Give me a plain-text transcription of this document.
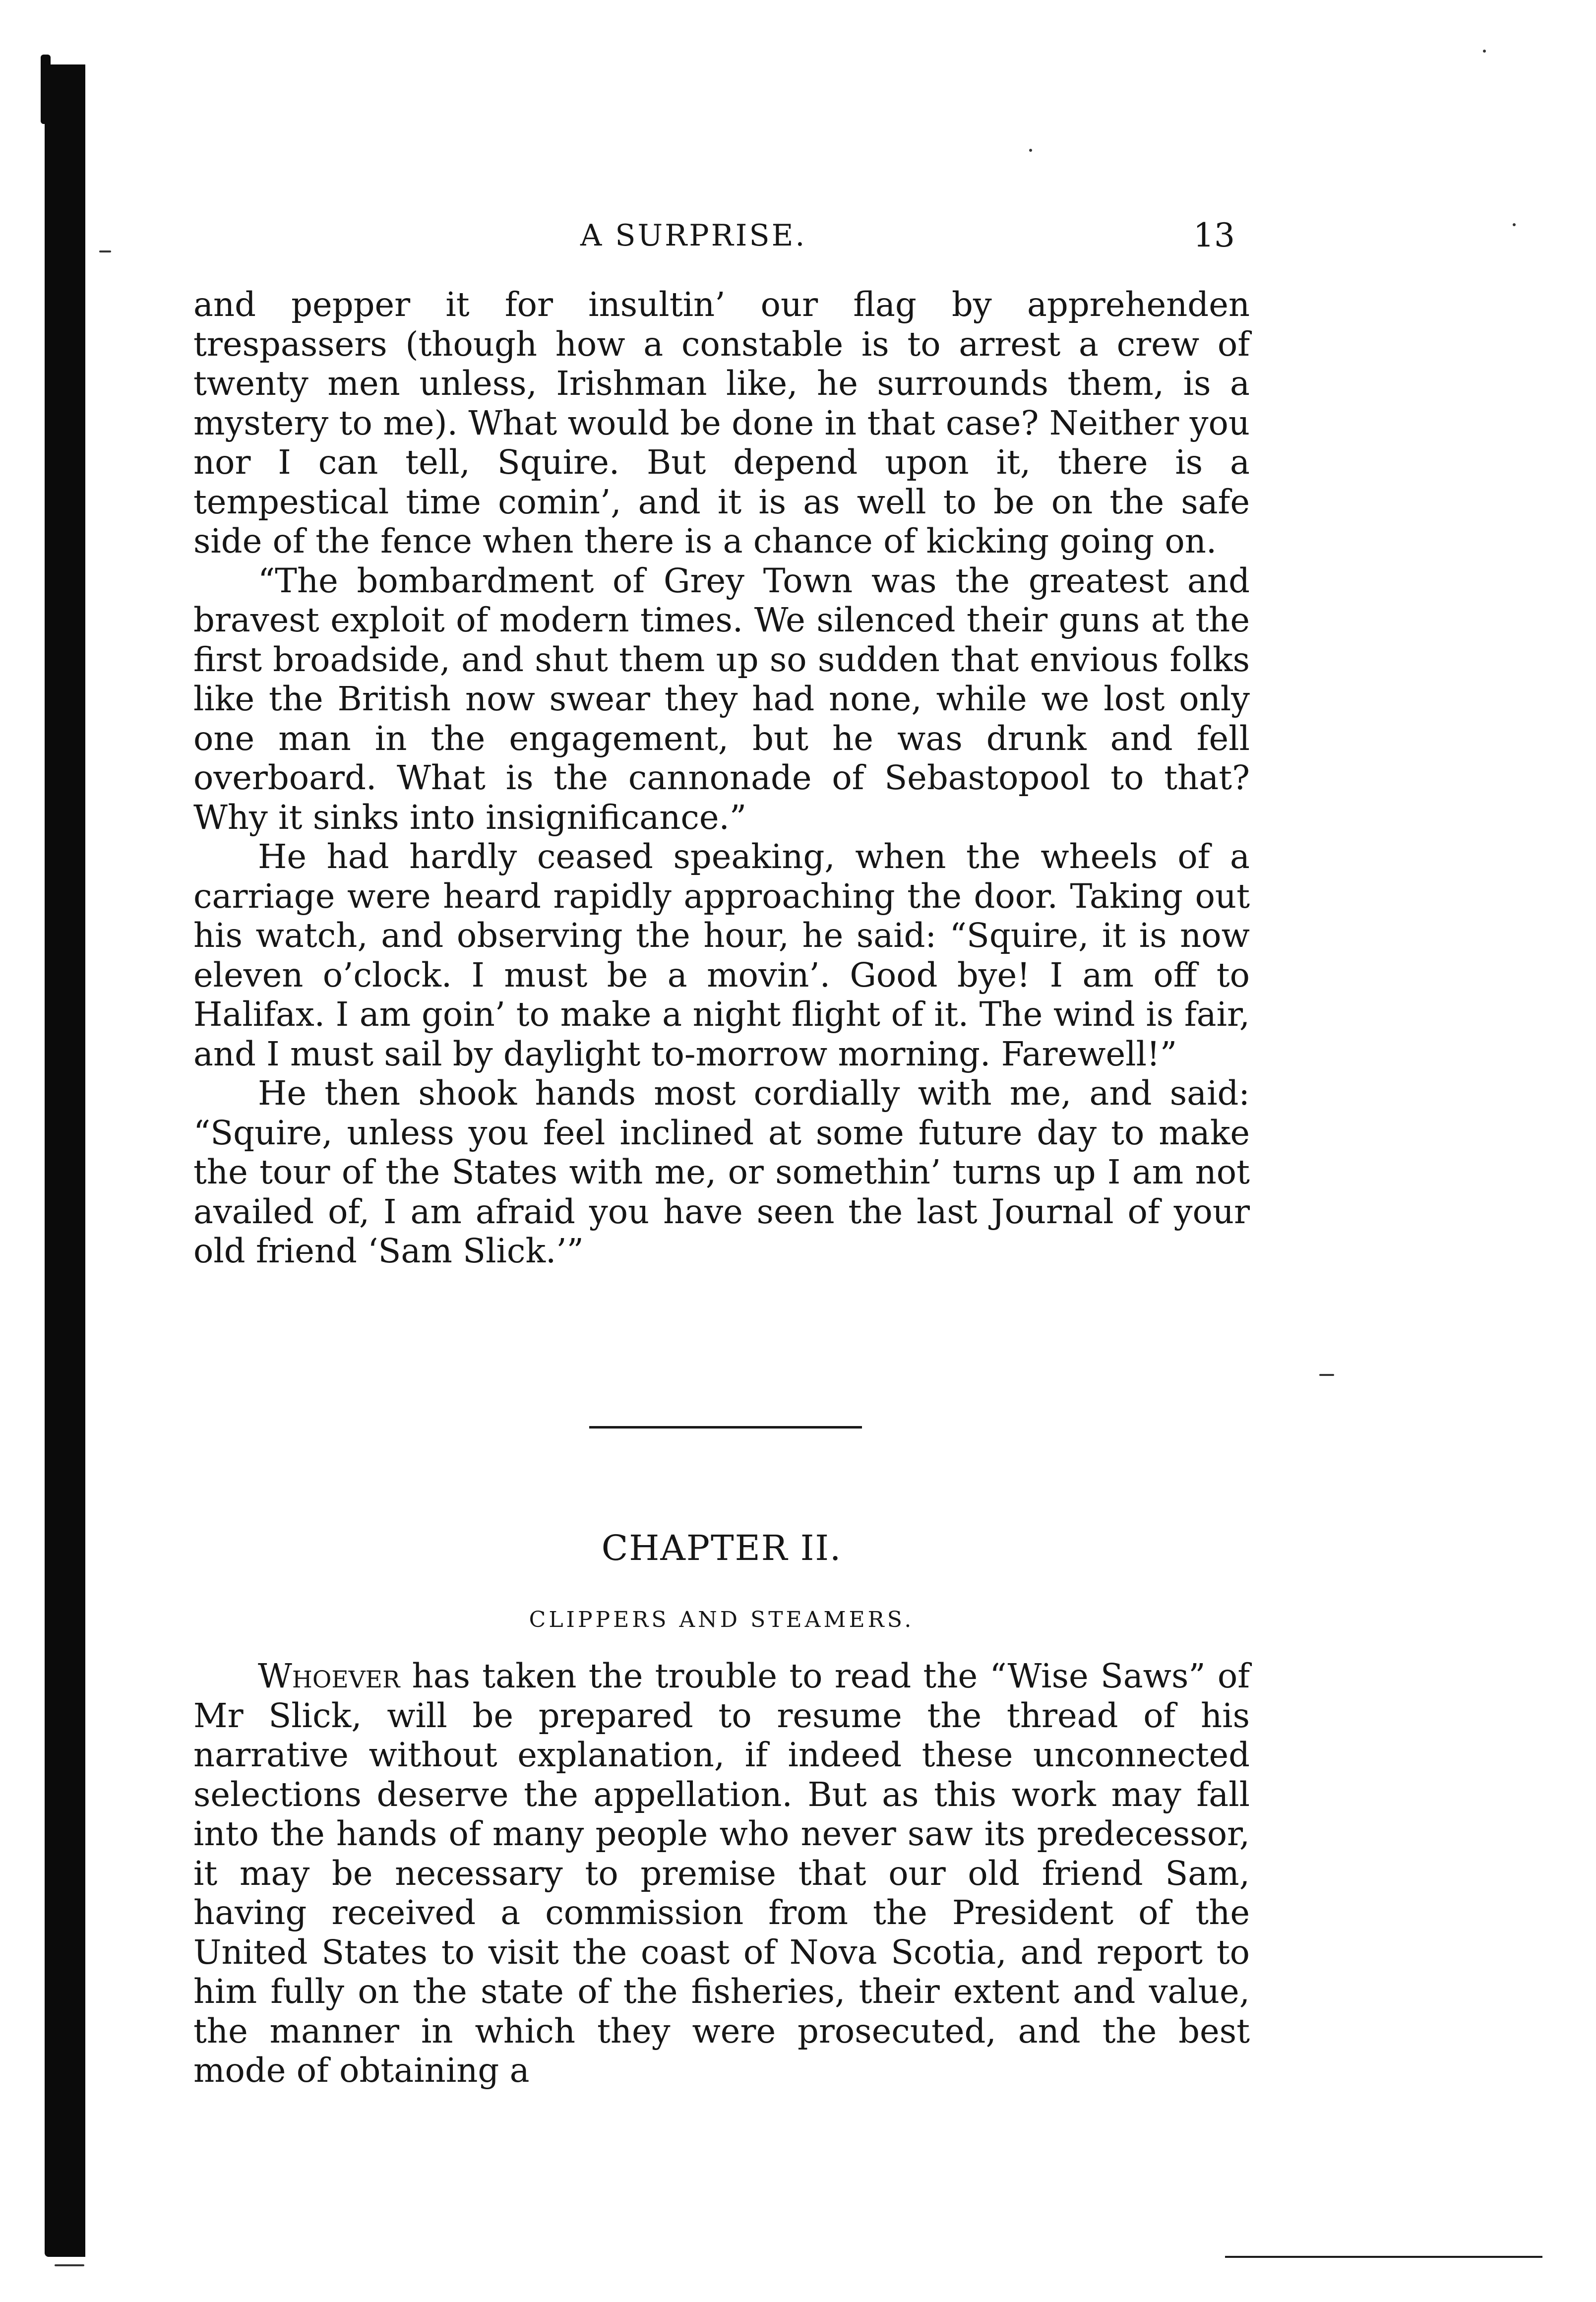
A SURPRISE.	13

and pepper it for insultin’ our flag by apprehenden trespassers (though how a constable is to arrest a crew of twenty men unless, Irishman like, he surrounds them, is a mystery to me). What would be done in that case? Neither you nor I can tell, Squire. But depend upon it, there is a tempestical time comin’, and it is as well to be on the safe side of the fence when there is a chance of kicking going on.

“The bombardment of Grey Town was the greatest and bravest exploit of modern times. We silenced their guns at the first broadside, and shut them up so sudden that envious folks like the British now swear they had none, while we lost only one man in the engagement, but he was drunk and fell overboard. What is the cannonade of Sebastopool to that? Why it sinks into insignificance.”

He had hardly ceased speaking, when the wheels of a carriage were heard rapidly approaching the door. Taking out his watch, and observing the hour, he said: “Squire, it is now eleven o’clock. I must be a movin’. Good bye! I am off to Halifax. I am goin’ to make a night flight of it. The wind is fair, and I must sail by daylight to-morrow morning. Farewell!”

He then shook hands most cordially with me, and said: “Squire, unless you feel inclined at some future day to make the tour of the States with me, or somethin’ turns up I am not availed of, I am afraid you have seen the last Journal of your old friend ‘Sam Slick.’”

CHAPTER II.
CLIPPERS AND STEAMERS.

Whoever has taken the trouble to read the “Wise Saws” of Mr Slick, will be prepared to resume the thread of his narrative without explanation, if indeed these unconnected selections deserve the appellation. But as this work may fall into the hands of many people who never saw its predecessor, it may be necessary to premise that our old friend Sam, having received a commission from the President of the United States to visit the coast of Nova Scotia, and report to him fully on the state of the fisheries, their extent and value, the manner in which they were prosecuted, and the best mode of obtaining a
